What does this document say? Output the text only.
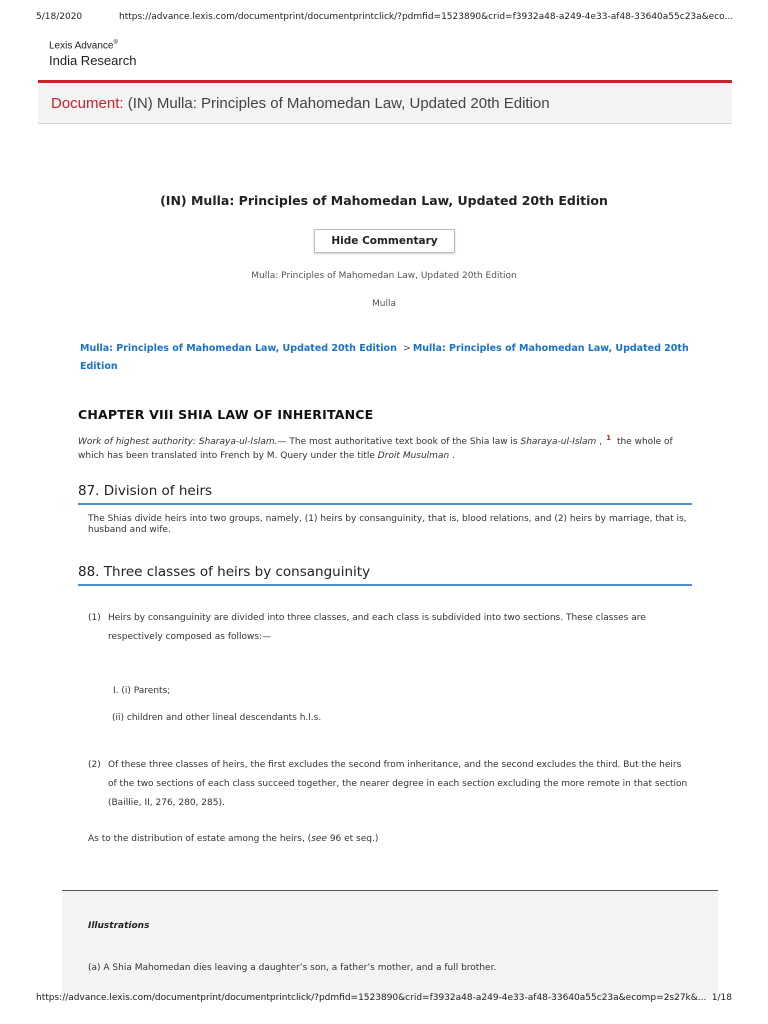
5/18/2020	https://advance.lexis.com/documentprint/documentprintclick/?pdmfid=1523890&crid=f3932a48-a249-4e33-af48-33640a55c23a&eco...
Lexis Advance®
India Research
Document: (IN) Mulla: Principles of Mahomedan Law, Updated 20th Edition
(IN) Mulla: Principles of Mahomedan Law, Updated 20th Edition
Hide Commentary
Mulla: Principles of Mahomedan Law, Updated 20th Edition
Mulla
Mulla: Principles of Mahomedan Law, Updated 20th Edition > Mulla: Principles of Mahomedan Law, Updated 20th Edition
CHAPTER VIII SHIA LAW OF INHERITANCE
Work of highest authority: Sharaya-ul-Islam.— The most authoritative text book of the Shia law is Sharaya-ul-Islam , $^1$ the whole of which has been translated into French by M. Query under the title Droit Musulman .
87. Division of heirs
The Shias divide heirs into two groups, namely, (1) heirs by consanguinity, that is, blood relations, and (2) heirs by marriage, that is, husband and wife.
88. Three classes of heirs by consanguinity
(1) Heirs by consanguinity are divided into three classes, and each class is subdivided into two sections. These classes are respectively composed as follows:—
I. (i) Parents;
(ii) children and other lineal descendants h.l.s.
(2) Of these three classes of heirs, the first excludes the second from inheritance, and the second excludes the third. But the heirs of the two sections of each class succeed together, the nearer degree in each section excluding the more remote in that section (Baillie, II, 276, 280, 285).
As to the distribution of estate among the heirs, (see 96 et seq.)
Illustrations
(a) A Shia Mahomedan dies leaving a daughter’s son, a father’s mother, and a full brother.
https://advance.lexis.com/documentprint/documentprintclick/?pdmfid=1523890&crid=f3932a48-a249-4e33-af48-33640a55c23a&ecomp=2s27k&... 1/18
